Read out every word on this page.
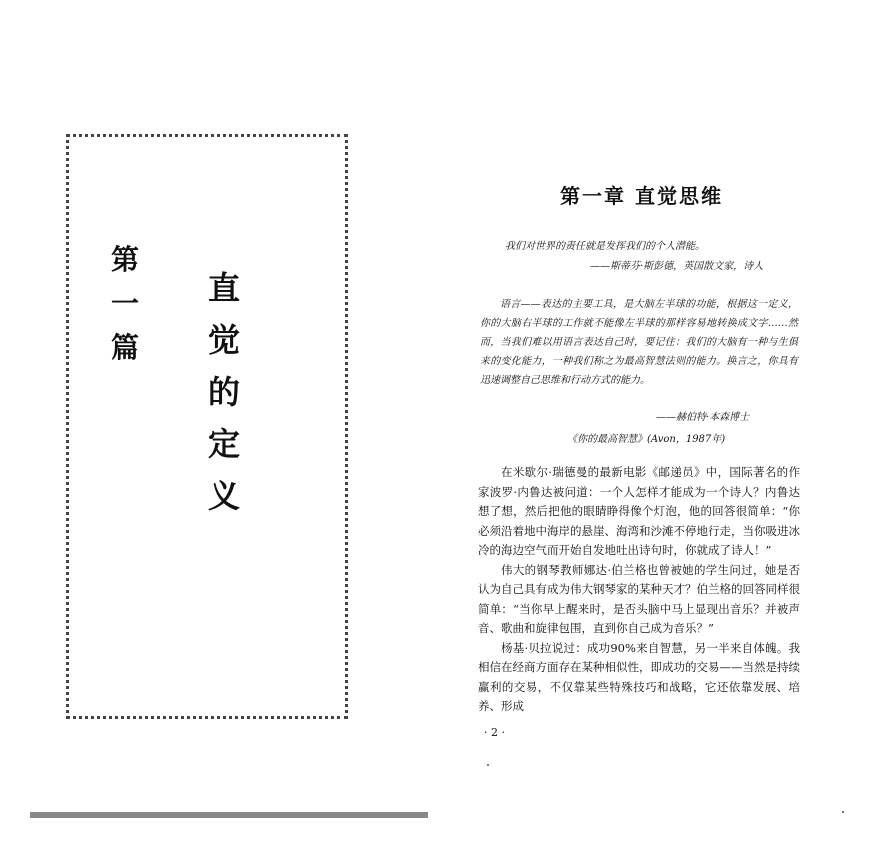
第一篇
直觉的定义
第一章 直觉思维
我们对世界的责任就是发挥我们的个人潜能。
——斯蒂芬·斯彭德，英国散文家，诗人
语言——表达的主要工具，是大脑左半球的功能，根据这一定义，你的大脑右半球的工作就不能像左半球的那样容易地转换成文字……然而，当我们难以用语言表达自己时，要记住：我们的大脑有一种与生俱来的变化能力，一种我们称之为最高智慧法则的能力。换言之，你具有迅速调整自己思维和行动方式的能力。
——赫伯特·本森博士
《你的最高智慧》(Avon，1987年)

在米歇尔·瑞德曼的最新电影《邮递员》中，国际著名的作家波罗·内鲁达被问道：一个人怎样才能成为一个诗人？内鲁达想了想，然后把他的眼睛睁得像个灯泡，他的回答很简单：“你必须沿着地中海岸的悬崖、海湾和沙滩不停地行走，当你吸进冰冷的海边空气而开始自发地吐出诗句时，你就成了诗人！”

伟大的钢琴教师娜达·伯兰格也曾被她的学生问过，她是否认为自己具有成为伟大钢琴家的某种天才？伯兰格的回答同样很简单：“当你早上醒来时，是否头脑中马上显现出音乐？并被声音、歌曲和旋律包围，直到你自己成为音乐？”

杨基·贝拉说过：成功90%来自智慧，另一半来自体魄。我相信在经商方面存在某种相似性，即成功的交易——当然是持续赢利的交易，不仅靠某些特殊技巧和战略，它还依靠发展、培养、形成

· 2 ·
